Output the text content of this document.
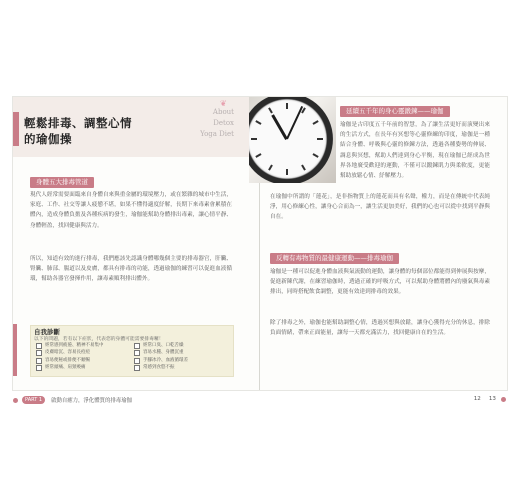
輕鬆排毒、調整心情
的瑜伽操
❦
About
Detox
Yoga Diet
身體五大排毒管道
現代人經常需要面臨來自身體自來與重金屬的環境壓力，或在繁雜的城市中生活，家庭、工作、社交等讓人疲憊不堪，如果不懂得適度紓解，長期下來毒素會累積在體內，造成身體負擔及各種疾病的發生，瑜伽能幫助身體排出毒素，讓心情平靜、身體輕盈，找回健康與活力。
所以，知道有效的進行排毒，我們應該先認識身體哪幾個主要的排毒器官，肝臟、腎臟、肺部、腸道以及皮膚，都具有排毒的功能，透過瑜伽的練習可以促進血液循環，幫助各器官發揮作用，讓毒素順利排出體外。
自我診斷
以下的問題，若有以下症狀，代表您的身體可能需要排毒囉！
經常感到疲倦、精神不易集中
皮膚暗沉、容易長痘痘
容易便秘或排便不順暢
經常頭痛、肩頸痠痛
經常口臭、口乾舌燥
容易水腫、身體沉重
手腳冰冷、血液循環差
常感到食慾不振
延續五千年的身心靈鍛鍊——瑜伽
瑜伽是古印度五千年前的智慧，為了讓生活更好而演變出來的生活方式，在長年有冥想等心靈修練的印度，瑜伽是一種結合身體、呼吸與心靈的修鍊方法，透過各種姿勢的伸展、調息與冥想，幫助人們達到身心平衡，現在瑜伽已經成為世界各地廣受歡迎的運動，不僅可以鍛鍊肌力與柔軟度，更能幫助放鬆心情、紓解壓力。
在瑜伽中所謂的「蓮花」，是非指物質上的蓮花而具有名聲，權力，而是在傳統中代表純淨，用心修練心性，讓身心合而為一，讓生活更加美好，我們的心也可以從中找到平靜與自在。
反轉有毒物質的最健康運動——排毒瑜伽
瑜伽是一種可以促進身體血液與氣流動的運動，讓身體的每個部位都能得到伸展與按摩，促進新陳代謝，在練習瑜伽時，透過正確的呼吸方式，可以幫助身體將體內的廢氣與毒素排出，同時搭配飲食調整，更能有效達到排毒的效果。
除了排毒之外，瑜伽也能幫助調整心情，透過冥想與放鬆，讓身心獲得充分的休息，排除負面情緒，帶來正面能量，讓每一天都充滿活力，找回健康自在的生活。
PART 1	啟動自癒力，淨化體質的排毒瑜伽	12 13
